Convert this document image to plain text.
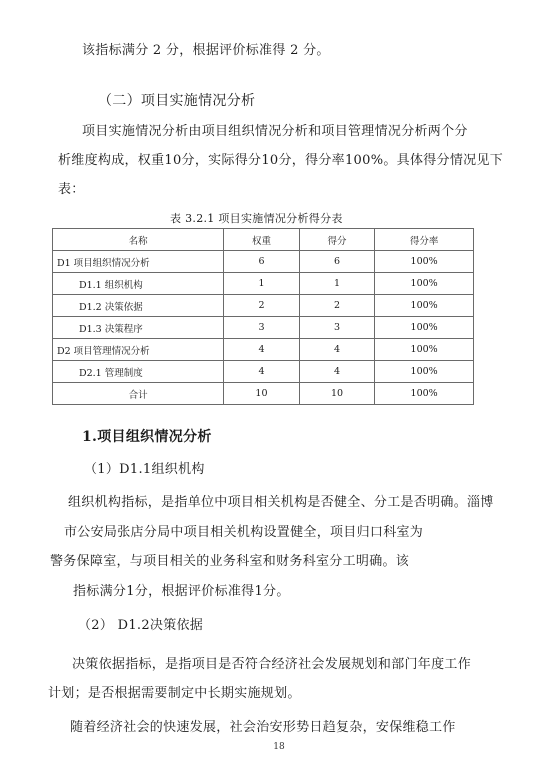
该指标满分 2 分，根据评价标准得 2 分。
（二）项目实施情况分析
项目实施情况分析由项目组织情况分析和项目管理情况分析两个分
析维度构成，权重10分，实际得分10分，得分率100%。具体得分情况见下
表：
表 3.2.1 项目实施情况分析得分表
名称	权重	得分	得分率
D1 项目组织情况分析	6	6	100%
D1.1 组织机构	1	1	100%
D1.2 决策依据	2	2	100%
D1.3 决策程序	3	3	100%
D2 项目管理情况分析	4	4	100%
D2.1 管理制度	4	4	100%
合计	10	10	100%
1.项目组织情况分析
（1）D1.1组织机构
组织机构指标，是指单位中项目相关机构是否健全、分工是否明确。淄博
市公安局张店分局中项目相关机构设置健全，项目归口科室为
警务保障室，与项目相关的业务科室和财务科室分工明确。该
指标满分1分，根据评价标准得1分。
（2） D1.2决策依据
决策依据指标，是指项目是否符合经济社会发展规划和部门年度工作
计划；是否根据需要制定中长期实施规划。
随着经济社会的快速发展，社会治安形势日趋复杂，安保维稳工作
18
